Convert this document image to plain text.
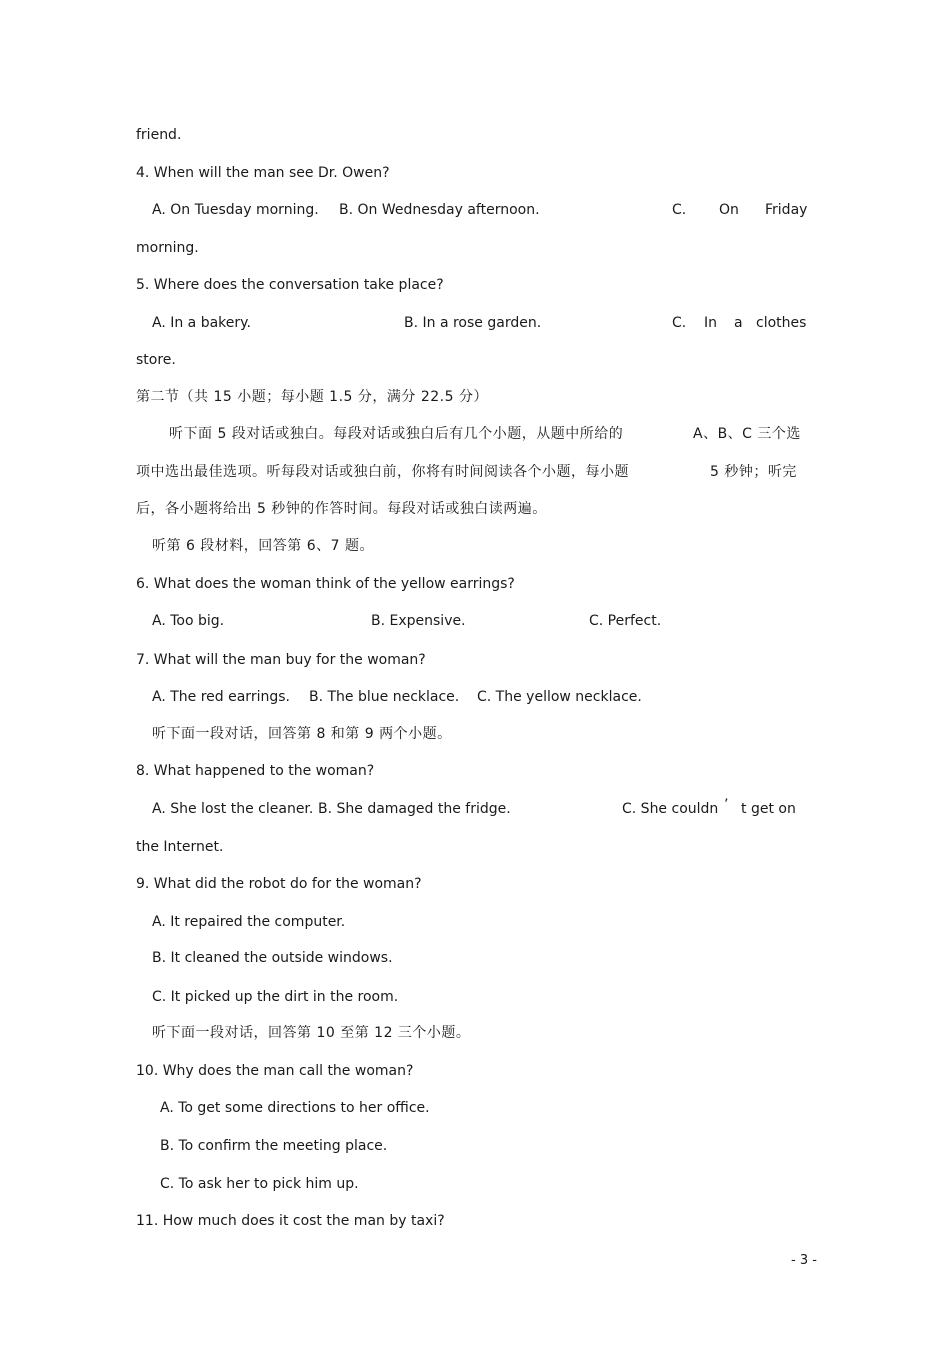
friend.
4. When will the man see Dr. Owen?
A. On Tuesday morning. B. On Wednesday afternoon.	C. On Friday
morning.
5. Where does the conversation take place?
A. In a bakery.	B. In a rose garden.	C. In a clothes
store.
第二节（共 15 小题；每小题 1.5 分，满分 22.5 分）
听下面 5 段对话或独白。每段对话或独白后有几个小题，从题中所给的	A、B、C 三个选
项中选出最佳选项。听每段对话或独白前，你将有时间阅读各个小题，每小题	5 秒钟；听完
后，各小题将给出 5 秒钟的作答时间。每段对话或独白读两遍。
听第 6 段材料，回答第 6、7 题。
6. What does the woman think of the yellow earrings?
A. Too big.	B. Expensive.	C. Perfect.
7. What will the man buy for the woman?
A. The red earrings. B. The blue necklace. C. The yellow necklace.
听下面一段对话，回答第 8 和第 9 两个小题。
8. What happened to the woman?
A. She lost the cleaner. B. She damaged the fridge.	C. She couldn ’ t get on
the Internet.
9. What did the robot do for the woman?
A. It repaired the computer.
B. It cleaned the outside windows.
C. It picked up the dirt in the room.
听下面一段对话，回答第 10 至第 12 三个小题。
10. Why does the man call the woman?
A. To get some directions to her office.
B. To confirm the meeting place.
C. To ask her to pick him up.
11. How much does it cost the man by taxi?
- 3 -
